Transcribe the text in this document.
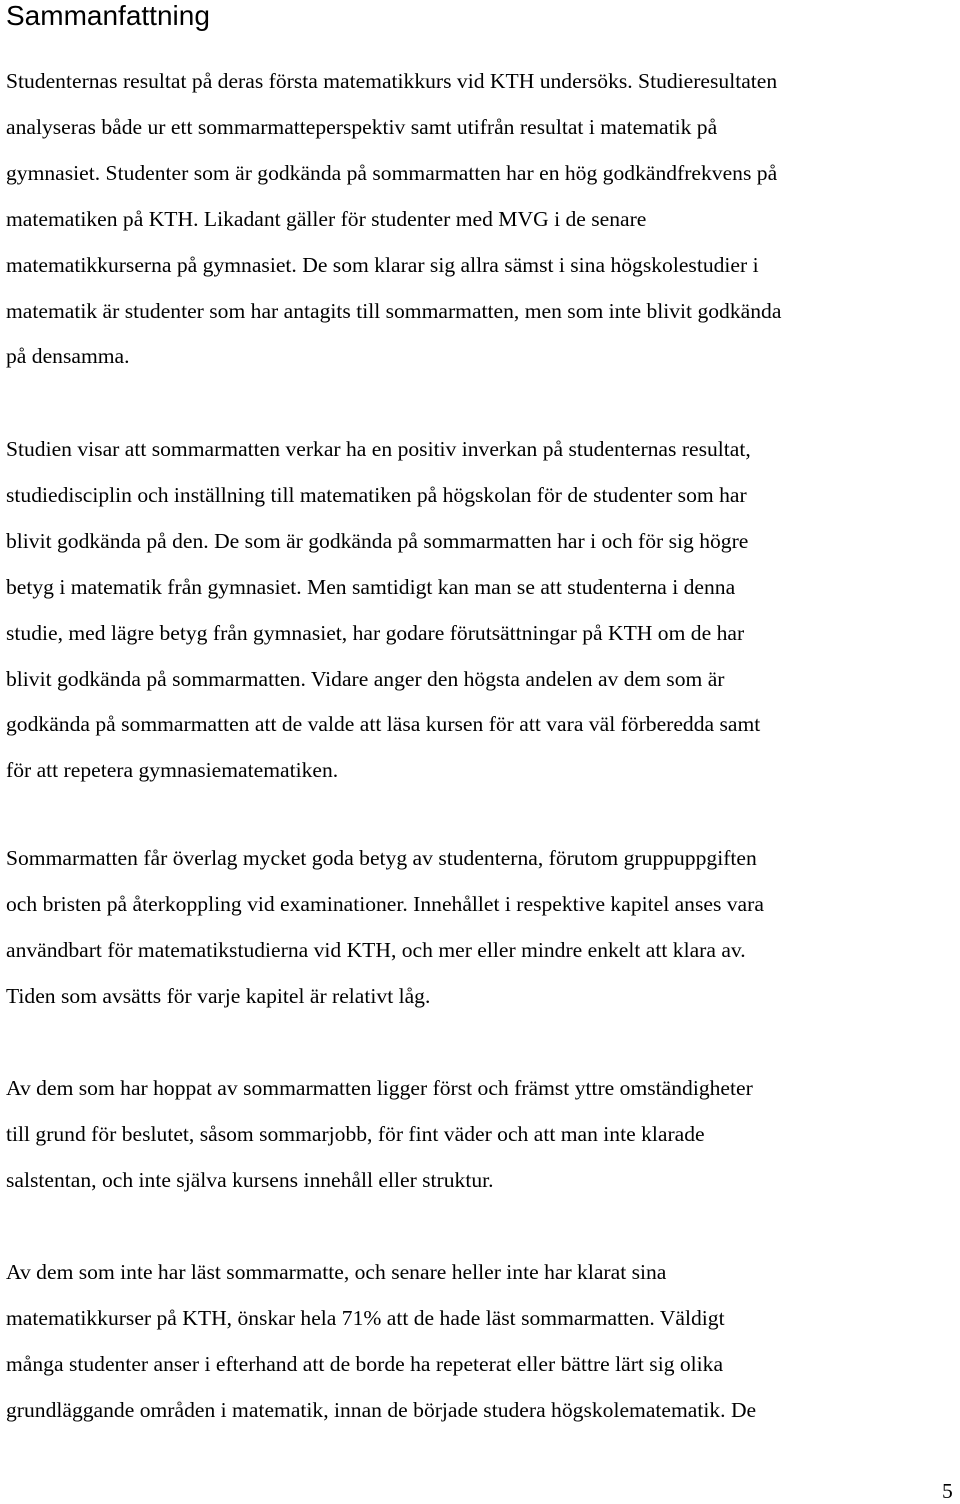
Sammanfattning

Studenternas resultat på deras första matematikkurs vid KTH undersöks. Studieresultaten
analyseras både ur ett sommarmatteperspektiv samt utifrån resultat i matematik på
gymnasiet. Studenter som är godkända på sommarmatten har en hög godkändfrekvens på
matematiken på KTH. Likadant gäller för studenter med MVG i de senare
matematikkurserna på gymnasiet. De som klarar sig allra sämst i sina högskolestudier i
matematik är studenter som har antagits till sommarmatten, men som inte blivit godkända
på densamma.

Studien visar att sommarmatten verkar ha en positiv inverkan på studenternas resultat,
studiedisciplin och inställning till matematiken på högskolan för de studenter som har
blivit godkända på den. De som är godkända på sommarmatten har i och för sig högre
betyg i matematik från gymnasiet. Men samtidigt kan man se att studenterna i denna
studie, med lägre betyg från gymnasiet, har godare förutsättningar på KTH om de har
blivit godkända på sommarmatten. Vidare anger den högsta andelen av dem som är
godkända på sommarmatten att de valde att läsa kursen för att vara väl förberedda samt
för att repetera gymnasiematematiken.

Sommarmatten får överlag mycket goda betyg av studenterna, förutom gruppuppgiften
och bristen på återkoppling vid examinationer. Innehållet i respektive kapitel anses vara
användbart för matematikstudierna vid KTH, och mer eller mindre enkelt att klara av.
Tiden som avsätts för varje kapitel är relativt låg.

Av dem som har hoppat av sommarmatten ligger först och främst yttre omständigheter
till grund för beslutet, såsom sommarjobb, för fint väder och att man inte klarade
salstentan, och inte själva kursens innehåll eller struktur.

Av dem som inte har läst sommarmatte, och senare heller inte har klarat sina
matematikkurser på KTH, önskar hela 71% att de hade läst sommarmatten. Väldigt
många studenter anser i efterhand att de borde ha repeterat eller bättre lärt sig olika
grundläggande områden i matematik, innan de började studera högskolematematik. De

5
